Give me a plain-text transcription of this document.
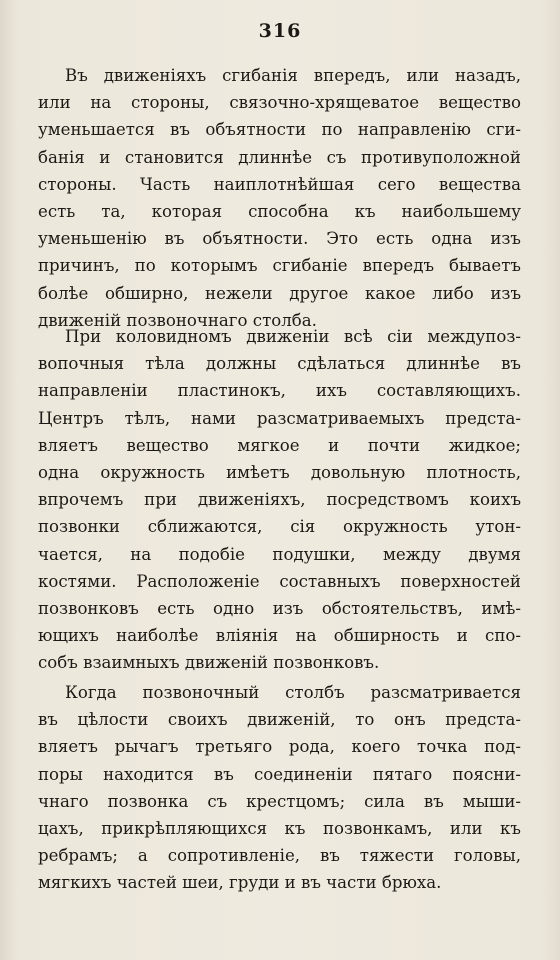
316
Въ движеніяхъ сгибанія впередъ, или назадъ,
или на стороны, связочно-хрящеватое вещество
уменьшается въ объятности по направленію сги-
банія и становится длиннѣе съ противуположной
стороны. Часть наиплотнѣйшая сего вещества
есть та, которая способна къ наибольшему
уменьшенію въ объятности. Это есть одна изъ
причинъ, по которымъ сгибаніе впередъ бываетъ
болѣе обширно, нежели другое какое либо изъ
движеній позвоночнаго столба.
При коловидномъ движеніи всѣ сіи междупоз-
вопочныя тѣла должны сдѣлаться длиннѣе въ
направленіи пластинокъ, ихъ составляющихъ.
Центръ тѣлъ, нами разсматриваемыхъ предста-
вляетъ вещество мягкое и почти жидкое;
одна окружность имѣетъ довольную плотность,
впрочемъ при движеніяхъ, посредствомъ коихъ
позвонки сближаются, сія окружность утон-
чается, на подобіе подушки, между двумя
костями. Расположеніе составныхъ поверхностей
позвонковъ есть одно изъ обстоятельствъ, имѣ-
ющихъ наиболѣе вліянія на обширность и спо-
собъ взаимныхъ движеній позвонковъ.
Когда позвоночный столбъ разсматривается
въ цѣлости своихъ движеній, то онъ предста-
вляетъ рычагъ третьяго рода, коего точка под-
поры находится въ соединеніи пятаго поясни-
чнаго позвонка съ крестцомъ; сила въ мыши-
цахъ, прикрѣпляющихся къ позвонкамъ, или къ
ребрамъ; а сопротивленіе, въ тяжести головы,
мягкихъ частей шеи, груди и въ части брюха.
